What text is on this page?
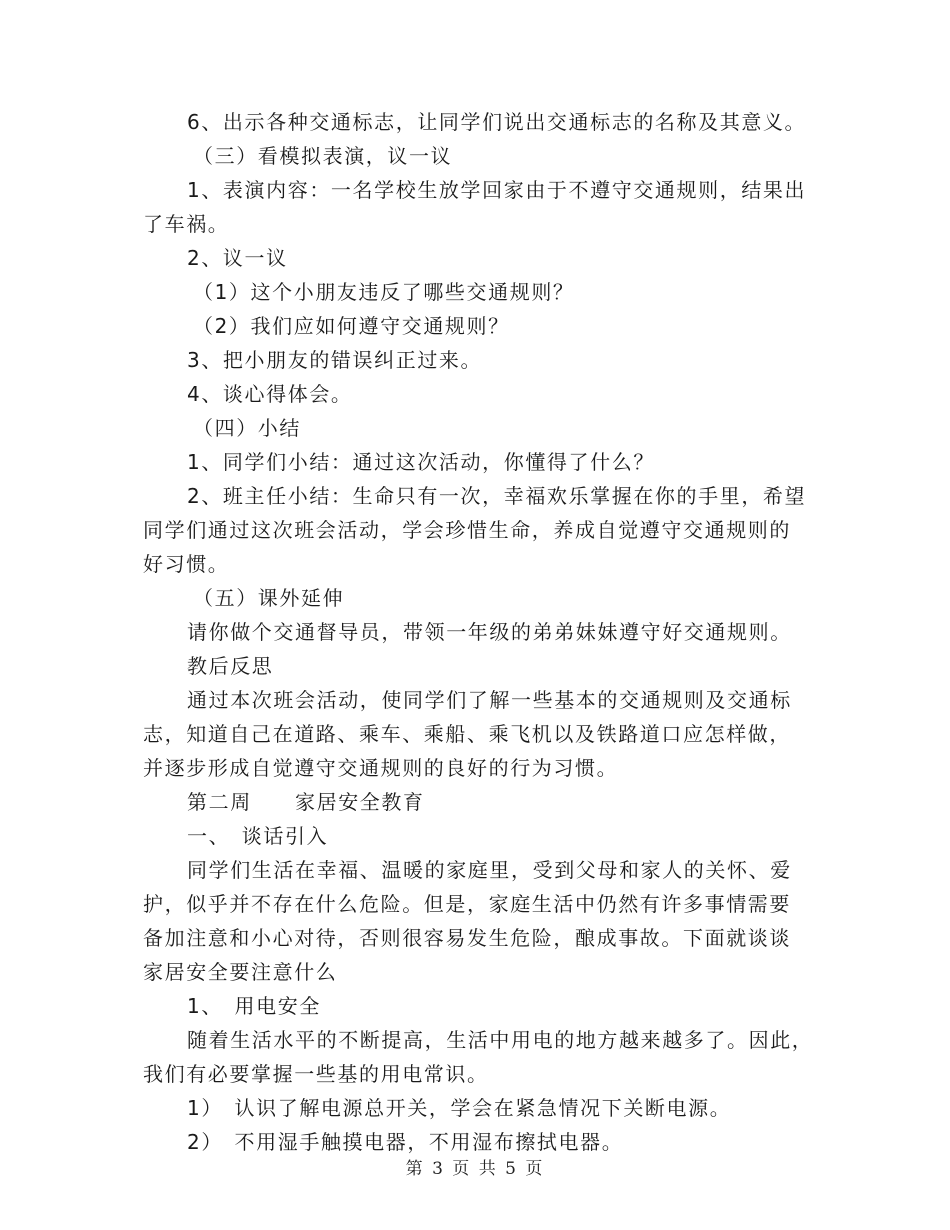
6、出示各种交通标志，让同学们说出交通标志的名称及其意义。
（三）看模拟表演，议一议
1、表演内容：一名学校生放学回家由于不遵守交通规则，结果出
了车祸。
2、议一议
（1）这个小朋友违反了哪些交通规则？
（2）我们应如何遵守交通规则？
3、把小朋友的错误纠正过来。
4、谈心得体会。
（四）小结
1、同学们小结：通过这次活动，你懂得了什么？
2、班主任小结：生命只有一次，幸福欢乐掌握在你的手里，希望
同学们通过这次班会活动，学会珍惜生命，养成自觉遵守交通规则的
好习惯。
（五）课外延伸
请你做个交通督导员，带领一年级的弟弟妹妹遵守好交通规则。
教后反思
通过本次班会活动，使同学们了解一些基本的交通规则及交通标
志，知道自己在道路、乘车、乘船、乘飞机以及铁路道口应怎样做，
并逐步形成自觉遵守交通规则的良好的行为习惯。
第二周　　家居安全教育
一、　谈话引入
同学们生活在幸福、温暖的家庭里，受到父母和家人的关怀、爱
护，似乎并不存在什么危险。但是，家庭生活中仍然有许多事情需要
备加注意和小心对待，否则很容易发生危险，酿成事故。下面就谈谈
家居安全要注意什么
1、　用电安全
随着生活水平的不断提高，生活中用电的地方越来越多了。因此，
我们有必要掌握一些基的用电常识。
1）　认识了解电源总开关，学会在紧急情况下关断电源。
2）　不用湿手触摸电器，不用湿布擦拭电器。
第 3 页 共 5 页
